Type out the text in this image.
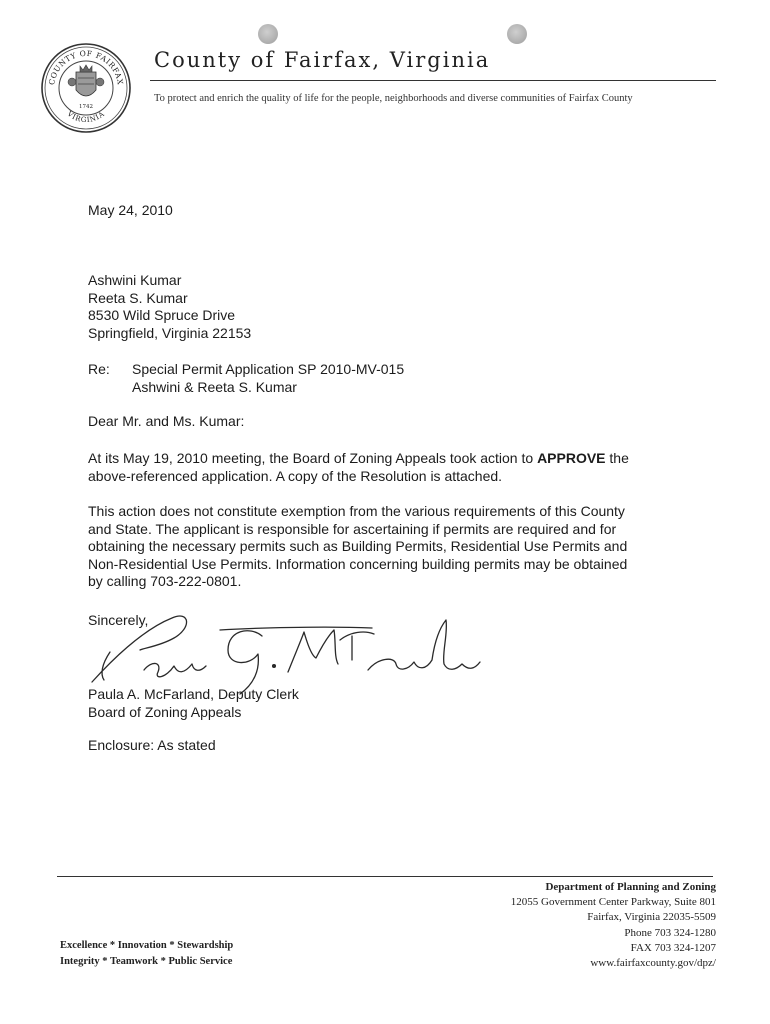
COUNTY OF FAIRFAX
VIRGINIA
1742
County of Fairfax, Virginia
To protect and enrich the quality of life for the people, neighborhoods and diverse communities of Fairfax County
May 24, 2010
Ashwini Kumar
Reeta S. Kumar
8530 Wild Spruce Drive
Springfield, Virginia 22153
Re: Special Permit Application SP 2010-MV-015
Ashwini & Reeta S. Kumar
Dear Mr. and Ms. Kumar:
At its May 19, 2010 meeting, the Board of Zoning Appeals took action to APPROVE the
above-referenced application. A copy of the Resolution is attached.
This action does not constitute exemption from the various requirements of this County
and State. The applicant is responsible for ascertaining if permits are required and for
obtaining the necessary permits such as Building Permits, Residential Use Permits and
Non-Residential Use Permits. Information concerning building permits may be obtained
by calling 703-222-0801.
Sincerely,
Paula A. McFarland, Deputy Clerk
Board of Zoning Appeals
Enclosure: As stated
Department of Planning and Zoning
12055 Government Center Parkway, Suite 801
Fairfax, Virginia 22035-5509
Phone 703 324-1280
FAX 703 324-1207
www.fairfaxcounty.gov/dpz/
Excellence * Innovation * Stewardship
Integrity * Teamwork * Public Service
